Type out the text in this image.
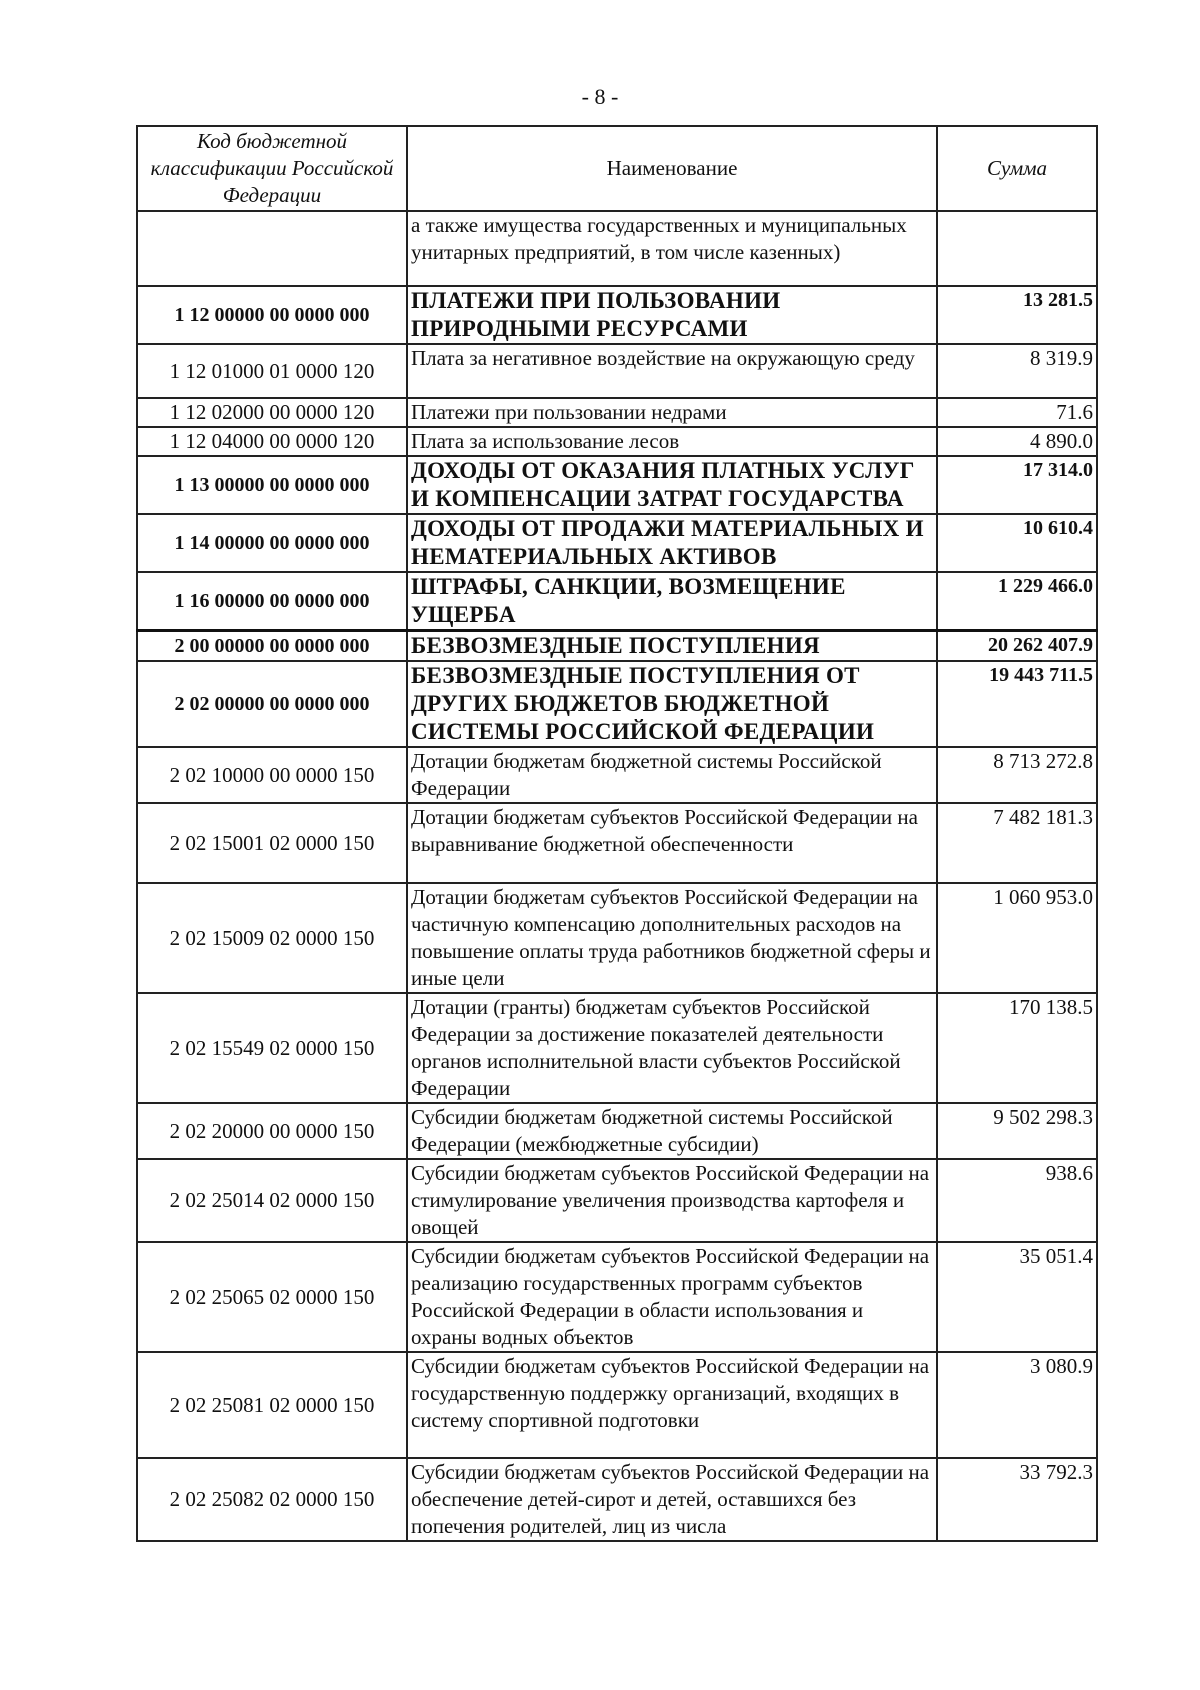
- 8 -
Код бюджетной классификации Российской Федерации	Наименование	Сумма
	а также имущества государственных и муниципальных унитарных предприятий, в том числе казенных)	
1 12 00000 00 0000 000	ПЛАТЕЖИ ПРИ ПОЛЬЗОВАНИИ ПРИРОДНЫМИ РЕСУРСАМИ	13 281.5
1 12 01000 01 0000 120	Плата за негативное воздействие на окружающую среду	8 319.9
1 12 02000 00 0000 120	Платежи при пользовании недрами	71.6
1 12 04000 00 0000 120	Плата за использование лесов	4 890.0
1 13 00000 00 0000 000	ДОХОДЫ ОТ ОКАЗАНИЯ ПЛАТНЫХ УСЛУГ И КОМПЕНСАЦИИ ЗАТРАТ ГОСУДАРСТВА	17 314.0
1 14 00000 00 0000 000	ДОХОДЫ ОТ ПРОДАЖИ МАТЕРИАЛЬНЫХ И НЕМАТЕРИАЛЬНЫХ АКТИВОВ	10 610.4
1 16 00000 00 0000 000	ШТРАФЫ, САНКЦИИ, ВОЗМЕЩЕНИЕ УЩЕРБА	1 229 466.0
2 00 00000 00 0000 000	БЕЗВОЗМЕЗДНЫЕ ПОСТУПЛЕНИЯ	20 262 407.9
2 02 00000 00 0000 000	БЕЗВОЗМЕЗДНЫЕ ПОСТУПЛЕНИЯ ОТ ДРУГИХ БЮДЖЕТОВ БЮДЖЕТНОЙ СИСТЕМЫ РОССИЙСКОЙ ФЕДЕРАЦИИ	19 443 711.5
2 02 10000 00 0000 150	Дотации бюджетам бюджетной системы Российской Федерации	8 713 272.8
2 02 15001 02 0000 150	Дотации бюджетам субъектов Российской Федерации на выравнивание бюджетной обеспеченности	7 482 181.3
2 02 15009 02 0000 150	Дотации бюджетам субъектов Российской Федерации на частичную компенсацию дополнительных расходов на повышение оплаты труда работников бюджетной сферы и иные цели	1 060 953.0
2 02 15549 02 0000 150	Дотации (гранты) бюджетам субъектов Российской Федерации за достижение показателей деятельности органов исполнительной власти субъектов Российской Федерации	170 138.5
2 02 20000 00 0000 150	Субсидии бюджетам бюджетной системы Российской Федерации (межбюджетные субсидии)	9 502 298.3
2 02 25014 02 0000 150	Субсидии бюджетам субъектов Российской Федерации на стимулирование увеличения производства картофеля и овощей	938.6
2 02 25065 02 0000 150	Субсидии бюджетам субъектов Российской Федерации на реализацию государственных программ субъектов Российской Федерации в области использования и охраны водных объектов	35 051.4
2 02 25081 02 0000 150	Субсидии бюджетам субъектов Российской Федерации на государственную поддержку организаций, входящих в систему спортивной подготовки	3 080.9
2 02 25082 02 0000 150	Субсидии бюджетам субъектов Российской Федерации на обеспечение детей-сирот и детей, оставшихся без попечения родителей, лиц из числа	33 792.3
